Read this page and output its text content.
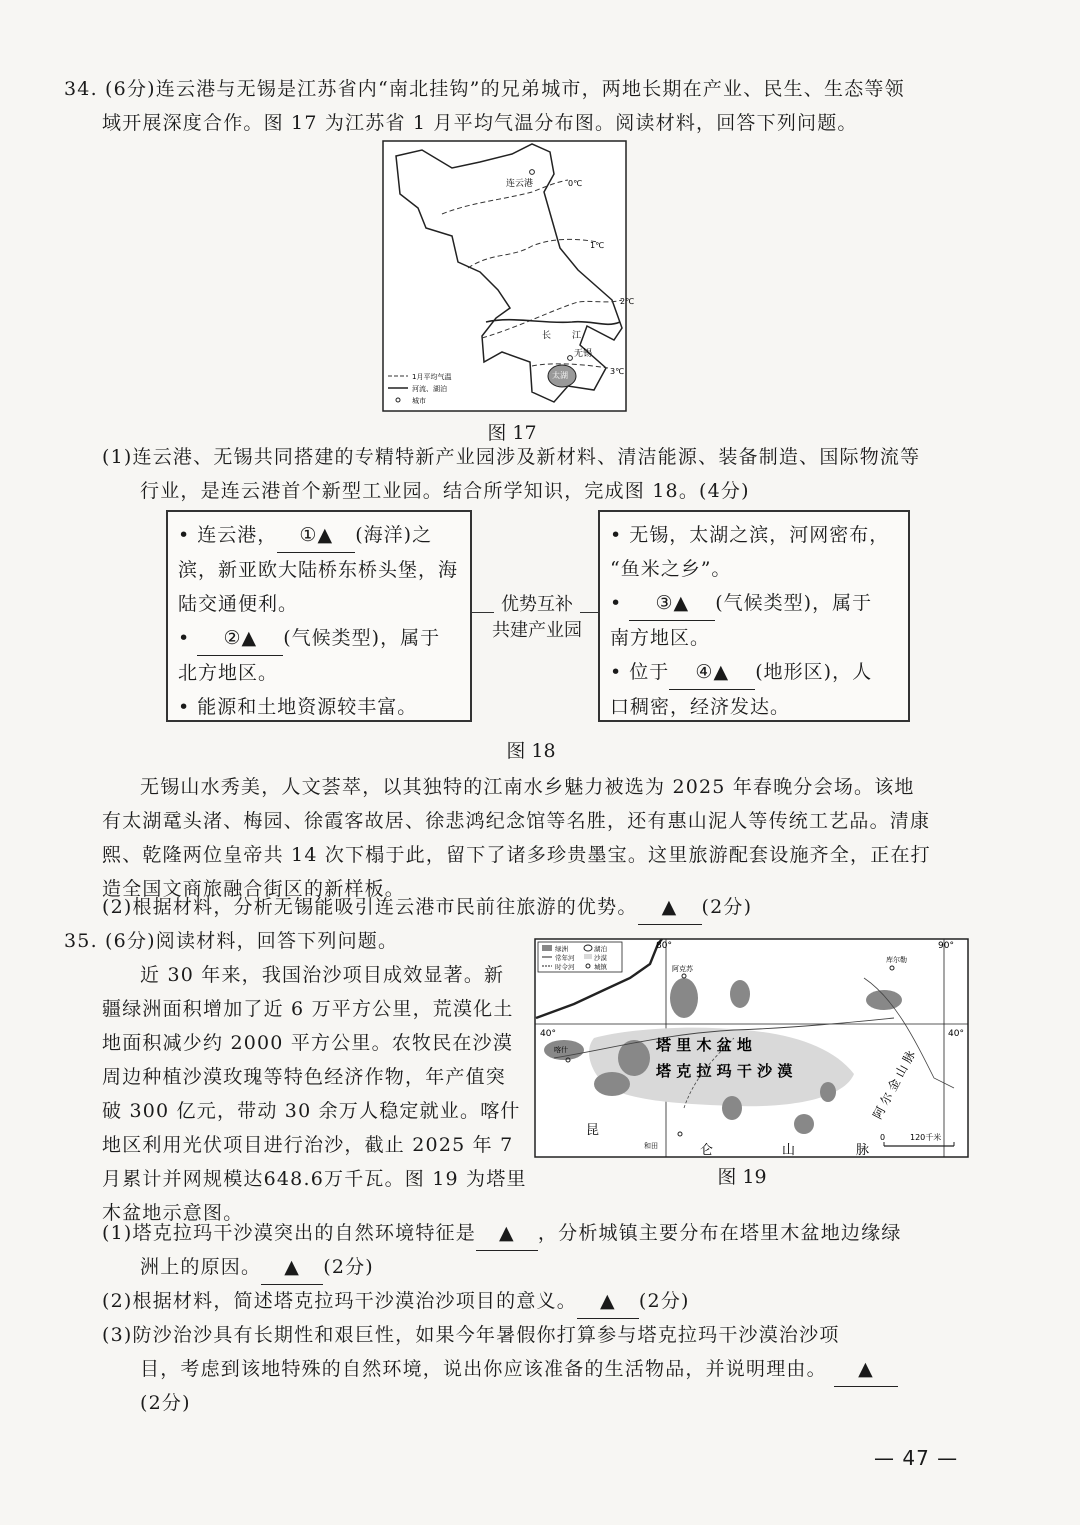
34. (6分)连云港与无锡是江苏省内“南北挂钩”的兄弟城市，两地长期在产业、民生、生态等领
域开展深度合作。图 17 为江苏省 1 月平均气温分布图。阅读材料，回答下列问题。
连云港
无锡
太湖
长 江
0℃
1℃
2℃
3℃
1月平均气温
河流、湖泊
城市
图 17
(1)连云港、无锡共同搭建的专精特新产业园涉及新材料、清洁能源、装备制造、国际物流等
行业，是连云港首个新型工业园。结合所学知识，完成图 18。(4分)
• 连云港， ①▲ (海洋)之
滨，新亚欧大陆桥东桥头堡，海
陆交通便利。
• ②▲ (气候类型)，属于
北方地区。
• 能源和土地资源较丰富。
优势互补
共建产业园
• 无锡，太湖之滨，河网密布，
“鱼米之乡”。
• ③▲ (气候类型)，属于
南方地区。
• 位于 ④▲ (地形区)，人
口稠密，经济发达。
图 18
无锡山水秀美，人文荟萃，以其独特的江南水乡魅力被选为 2025 年春晚分会场。该地
有太湖鼋头渚、梅园、徐霞客故居、徐悲鸿纪念馆等名胜，还有惠山泥人等传统工艺品。清康
熙、乾隆两位皇帝共 14 次下榻于此，留下了诸多珍贵墨宝。这里旅游配套设施齐全，正在打
造全国文商旅融合街区的新样板。
(2)根据材料，分析无锡能吸引连云港市民前往旅游的优势。 ▲ (2分)
35. (6分)阅读材料，回答下列问题。
近 30 年来，我国治沙项目成效显著。新
疆绿洲面积增加了近 6 万平方公里，荒漠化土
地面积减少约 2000 平方公里。农牧民在沙漠
周边种植沙漠玫瑰等特色经济作物，年产值突
破 300 亿元，带动 30 余万人稳定就业。喀什
地区利用光伏项目进行治沙，截止 2025 年 7
月累计并网规模达648.6万千瓦。图 19 为塔里
木盆地示意图。
绿洲
常年河
时令河
湖泊
沙漠
城镇
80°	90°
40°	40°
阿克苏
喀什
和田
库尔勒
塔 里 木 盆 地
塔 克 拉 玛 干 沙 漠
昆
仑	山	脉
阿 尔 金 山 脉
0	120千米
图 19
(1)塔克拉玛干沙漠突出的自然环境特征是 ▲ ，分析城镇主要分布在塔里木盆地边缘绿
洲上的原因。 ▲ (2分)
(2)根据材料，简述塔克拉玛干沙漠治沙项目的意义。 ▲ (2分)
(3)防沙治沙具有长期性和艰巨性，如果今年暑假你打算参与塔克拉玛干沙漠治沙项
目，考虑到该地特殊的自然环境，说出你应该准备的生活物品，并说明理由。 ▲
(2分)
— 47 —
